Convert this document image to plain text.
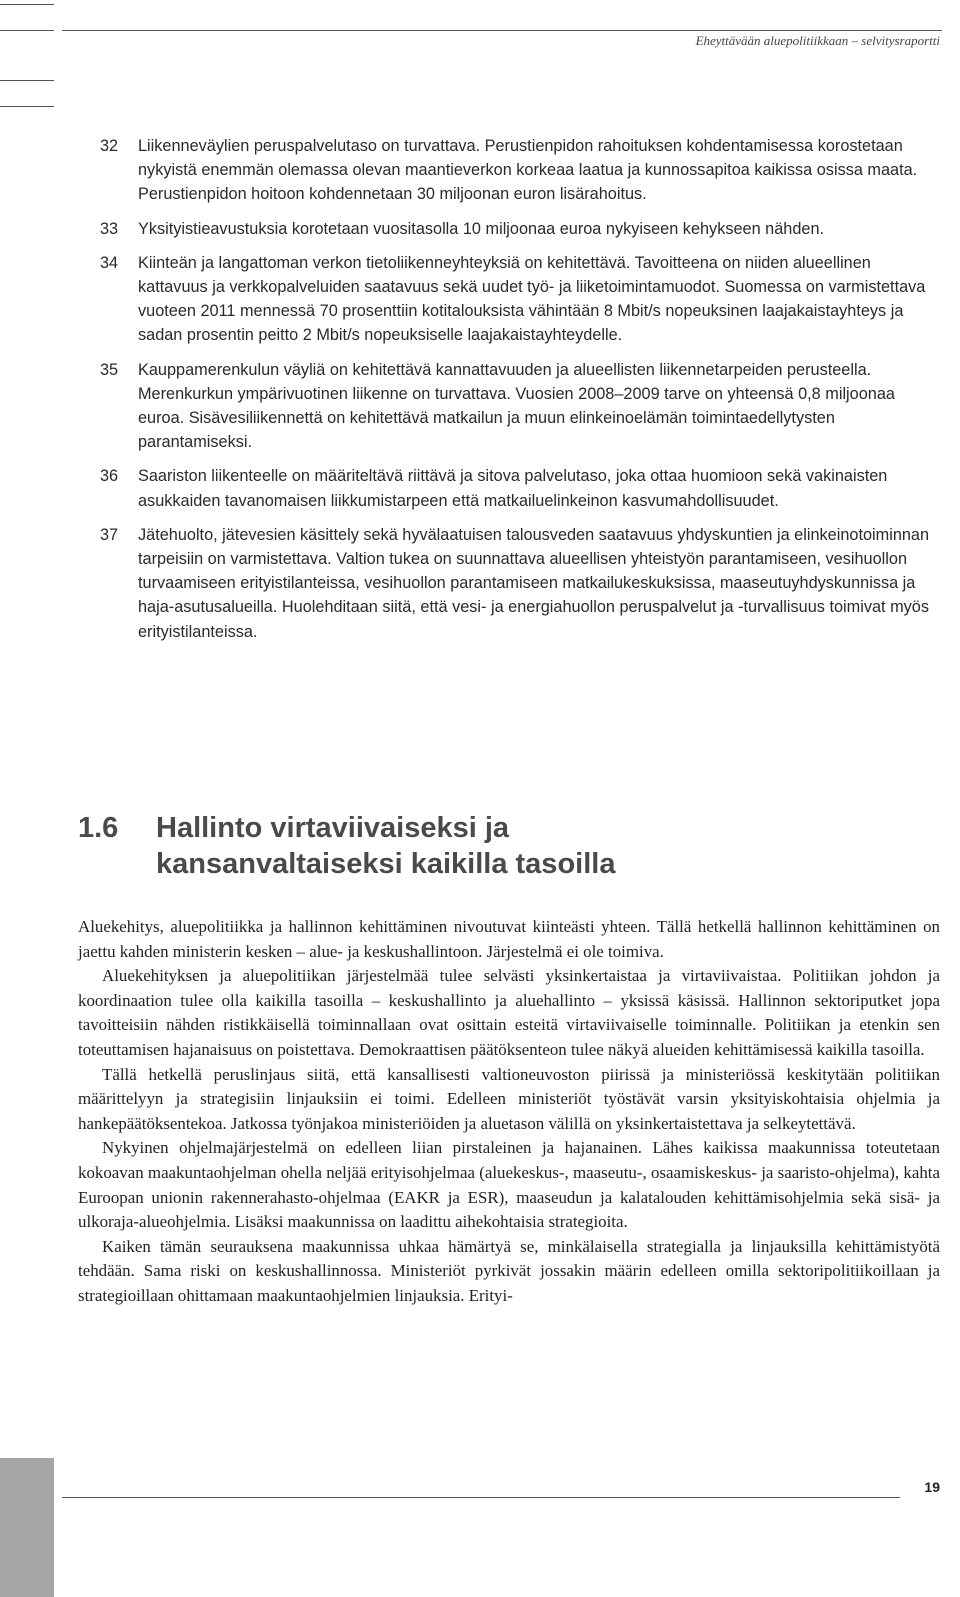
Eheyttävään aluepolitiikkaan – selvitysraportti
32	Liikenneväylien peruspalvelutaso on turvattava. Perustienpidon rahoituksen kohdentamisessa korostetaan nykyistä enemmän olemassa olevan maantieverkon korkeaa laatua ja kunnossapitoa kaikissa osissa maata. Perustienpidon hoitoon kohdennetaan 30 miljoonan euron lisärahoitus.
33	Yksityistieavustuksia korotetaan vuositasolla 10 miljoonaa euroa nykyiseen kehykseen nähden.
34	Kiinteän ja langattoman verkon tietoliikenneyhteyksiä on kehitettävä. Tavoitteena on niiden alueellinen kattavuus ja verkkopalveluiden saatavuus sekä uudet työ- ja liiketoimintamuodot. Suomessa on varmistettava vuoteen 2011 mennessä 70 prosenttiin kotitalouksista vähintään 8 Mbit/s nopeuksinen laajakaistayhteys ja sadan prosentin peitto 2 Mbit/s nopeuksiselle laajakaistayhteydelle.
35	Kauppamerenkulun väyliä on kehitettävä kannattavuuden ja alueellisten liikennetarpeiden perusteella. Merenkurkun ympärivuotinen liikenne on turvattava. Vuosien 2008–2009 tarve on yhteensä 0,8 miljoonaa euroa. Sisävesiliikennettä on kehitettävä matkailun ja muun elinkeinoelämän toimintaedellytysten parantamiseksi.
36	Saariston liikenteelle on määriteltävä riittävä ja sitova palvelutaso, joka ottaa huomioon sekä vakinaisten asukkaiden tavanomaisen liikkumistarpeen että matkailuelinkeinon kasvumahdollisuudet.
37	Jätehuolto, jätevesien käsittely sekä hyvälaatuisen talousveden saatavuus yhdyskuntien ja elinkeinotoiminnan tarpeisiin on varmistettava. Valtion tukea on suunnattava alueellisen yhteistyön parantamiseen, vesihuollon turvaamiseen erityistilanteissa, vesihuollon parantamiseen matkailukeskuksissa, maaseutuyhdyskunnissa ja haja-asutusalueilla. Huolehditaan siitä, että vesi- ja energiahuollon peruspalvelut ja -turvallisuus toimivat myös erityistilanteissa.
1.6	Hallinto virtaviivaiseksi ja kansanvaltaiseksi kaikilla tasoilla

Aluekehitys, aluepolitiikka ja hallinnon kehittäminen nivoutuvat kiinteästi yhteen. Tällä hetkellä hallinnon kehittäminen on jaettu kahden ministerin kesken – alue- ja keskushallintoon. Järjestelmä ei ole toimiva.

Aluekehityksen ja aluepolitiikan järjestelmää tulee selvästi yksinkertaistaa ja virtaviivaistaa. Politiikan johdon ja koordinaation tulee olla kaikilla tasoilla – keskushallinto ja aluehallinto – yksissä käsissä. Hallinnon sektoriputket jopa tavoitteisiin nähden ristikkäisellä toiminnallaan ovat osittain esteitä virtaviivaiselle toiminnalle. Politiikan ja etenkin sen toteuttamisen hajanaisuus on poistettava. Demokraattisen päätöksenteon tulee näkyä alueiden kehittämisessä kaikilla tasoilla.

Tällä hetkellä peruslinjaus siitä, että kansallisesti valtioneuvoston piirissä ja ministeriössä keskitytään politiikan määrittelyyn ja strategisiin linjauksiin ei toimi. Edelleen ministeriöt työstävät varsin yksityiskohtaisia ohjelmia ja hankepäätöksentekoa. Jatkossa työnjakoa ministeriöiden ja aluetason välillä on yksinkertaistettava ja selkeytettävä.

Nykyinen ohjelmajärjestelmä on edelleen liian pirstaleinen ja hajanainen. Lähes kaikissa maakunnissa toteutetaan kokoavan maakuntaohjelman ohella neljää erityisohjelmaa (aluekeskus-, maaseutu-, osaamiskeskus- ja saaristo-ohjelma), kahta Euroopan unionin rakennerahasto-ohjelmaa (EAKR ja ESR), maaseudun ja kalatalouden kehittämisohjelmia sekä sisä- ja ulkoraja-alueohjelmia. Lisäksi maakunnissa on laadittu aihekohtaisia strategioita.

Kaiken tämän seurauksena maakunnissa uhkaa hämärtyä se, minkälaisella strategialla ja linjauksilla kehittämistyötä tehdään. Sama riski on keskushallinnossa. Ministeriöt pyrkivät jossakin määrin edelleen omilla sektoripolitiikoillaan ja strategioillaan ohittamaan maakuntaohjelmien linjauksia. Erityi-

19
